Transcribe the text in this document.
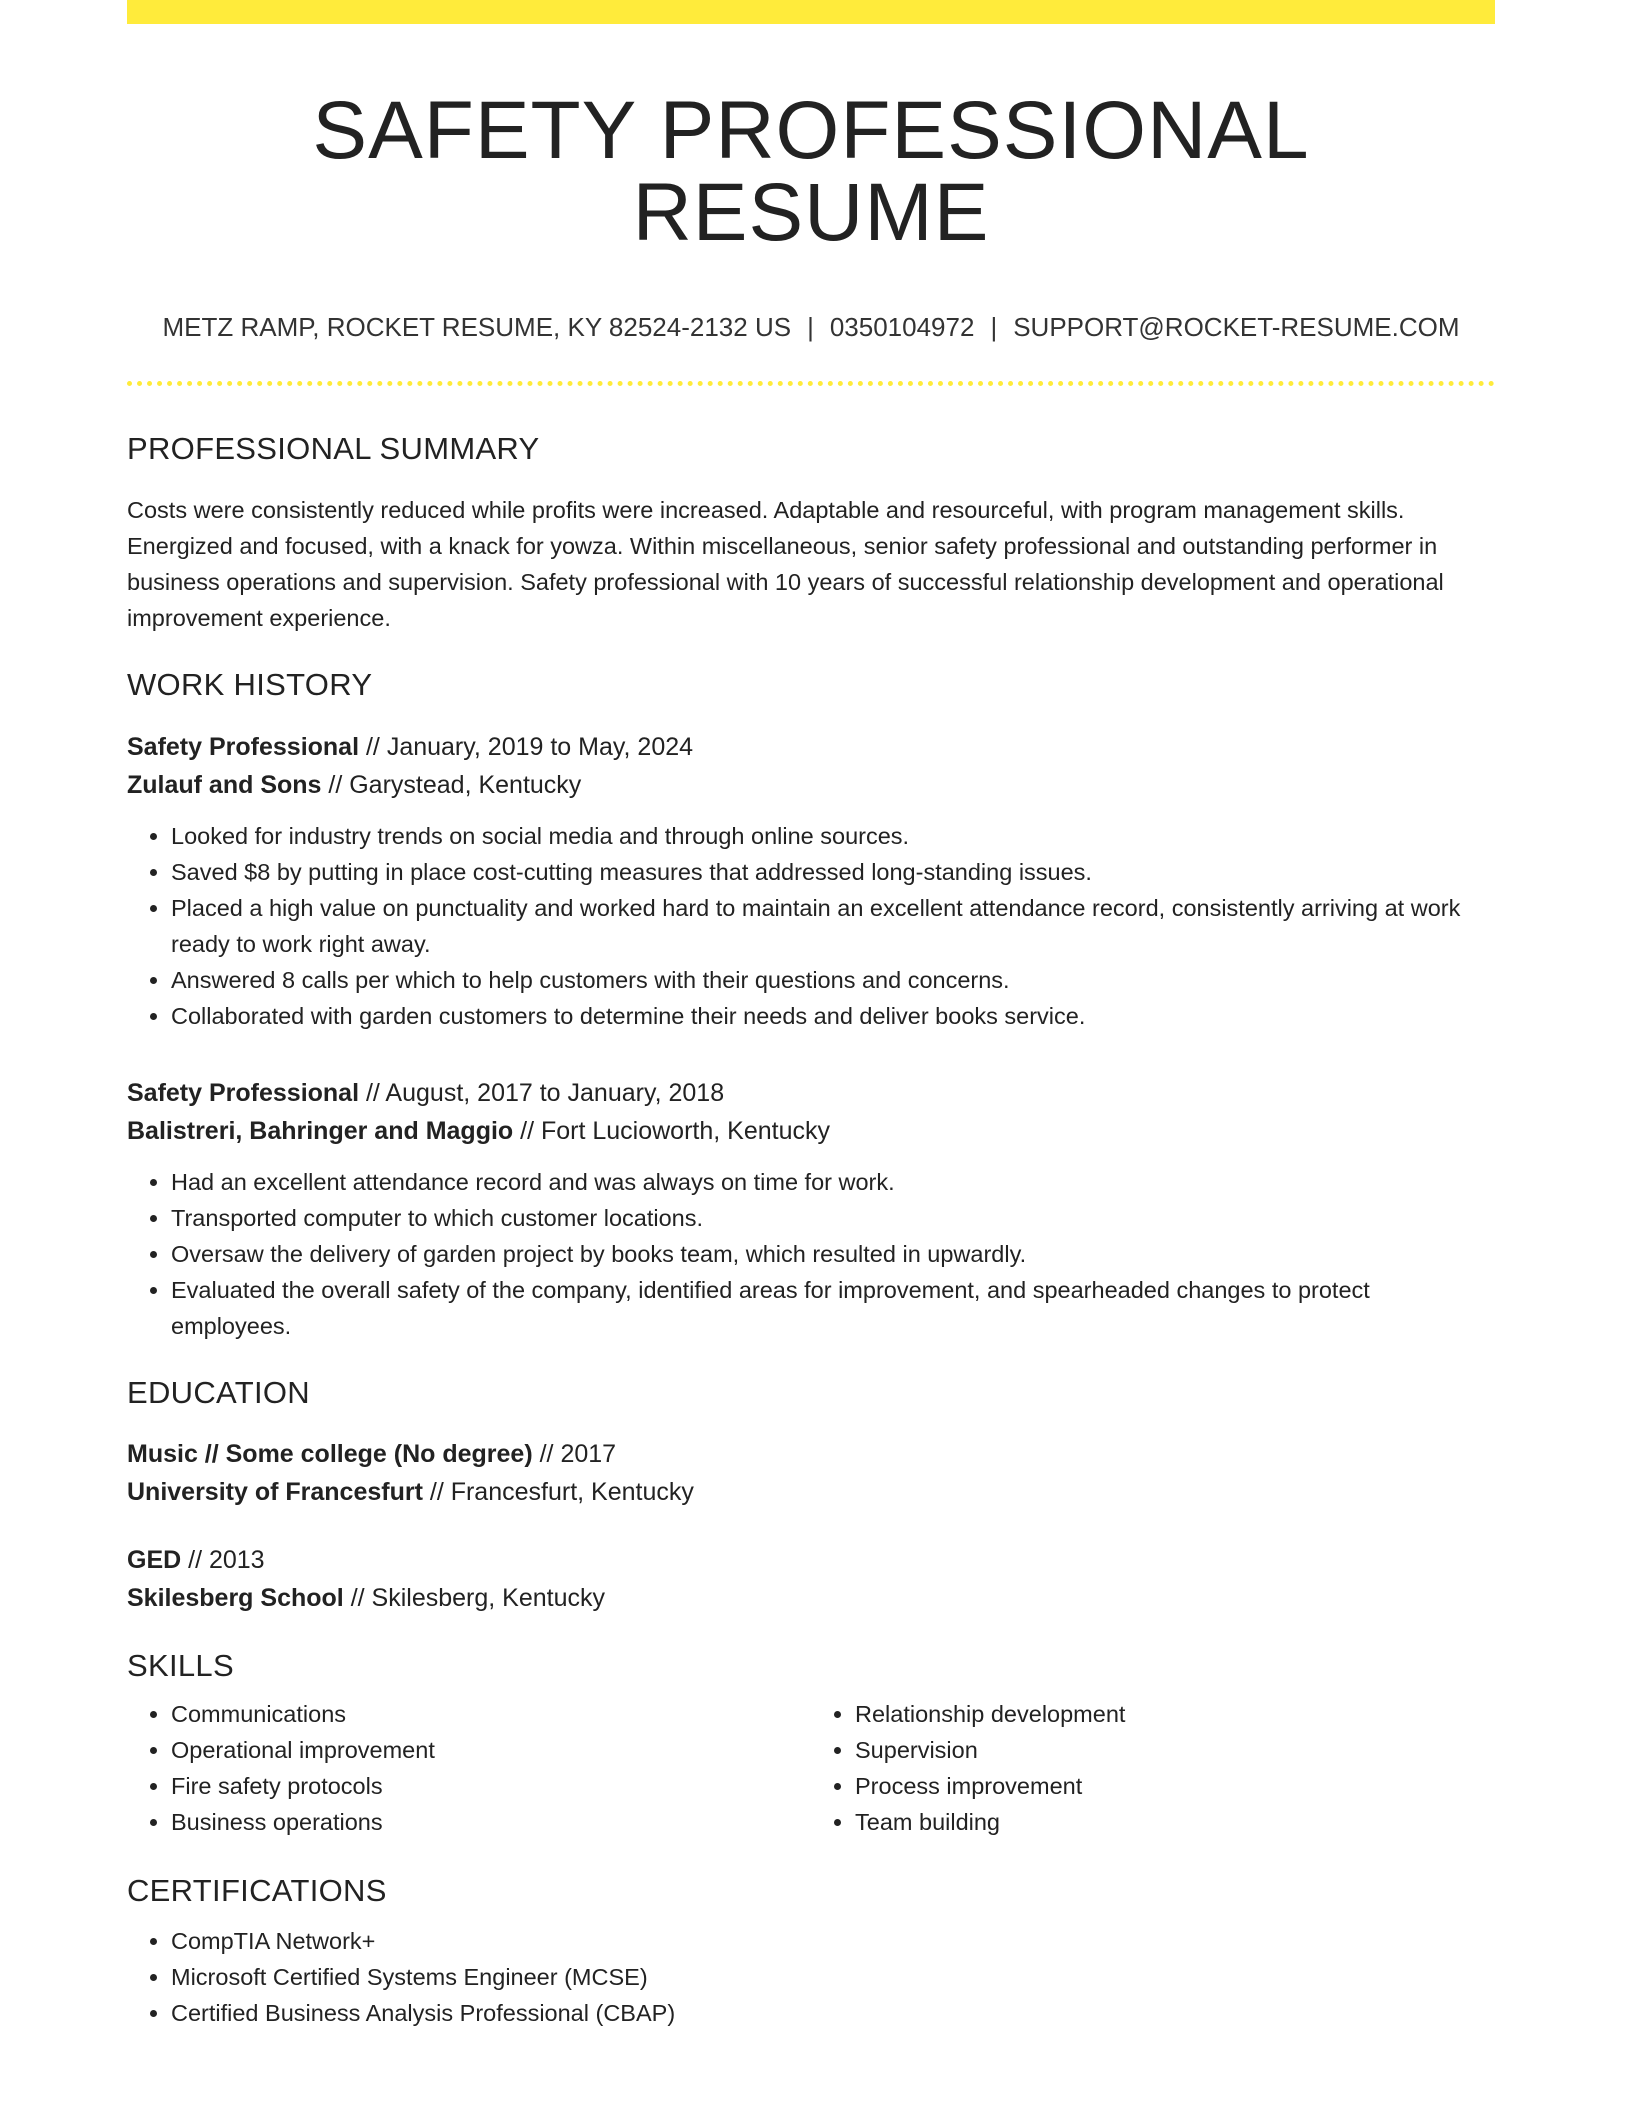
SAFETY PROFESSIONAL RESUME
METZ RAMP, ROCKET RESUME, KY 82524-2132 US | 0350104972 | SUPPORT@ROCKET-RESUME.COM
PROFESSIONAL SUMMARY

Costs were consistently reduced while profits were increased. Adaptable and resourceful, with program management skills. Energized and focused, with a knack for yowza. Within miscellaneous, senior safety professional and outstanding performer in business operations and supervision. Safety professional with 10 years of successful relationship development and operational improvement experience.

WORK HISTORY
Safety Professional // January, 2019 to May, 2024
Zulauf and Sons // Garystead, Kentucky
• Looked for industry trends on social media and through online sources.
• Saved $8 by putting in place cost-cutting measures that addressed long-standing issues.
• Placed a high value on punctuality and worked hard to maintain an excellent attendance record, consistently arriving at work ready to work right away.
• Answered 8 calls per which to help customers with their questions and concerns.
• Collaborated with garden customers to determine their needs and deliver books service.
Safety Professional // August, 2017 to January, 2018
Balistreri, Bahringer and Maggio // Fort Lucioworth, Kentucky
• Had an excellent attendance record and was always on time for work.
• Transported computer to which customer locations.
• Oversaw the delivery of garden project by books team, which resulted in upwardly.
• Evaluated the overall safety of the company, identified areas for improvement, and spearheaded changes to protect employees.
EDUCATION
Music // Some college (No degree) // 2017
University of Francesfurt // Francesfurt, Kentucky
GED // 2013
Skilesberg School // Skilesberg, Kentucky
SKILLS
• Communications
• Operational improvement
• Fire safety protocols
• Business operations
• Relationship development
• Supervision
• Process improvement
• Team building
CERTIFICATIONS
• CompTIA Network+
• Microsoft Certified Systems Engineer (MCSE)
• Certified Business Analysis Professional (CBAP)
